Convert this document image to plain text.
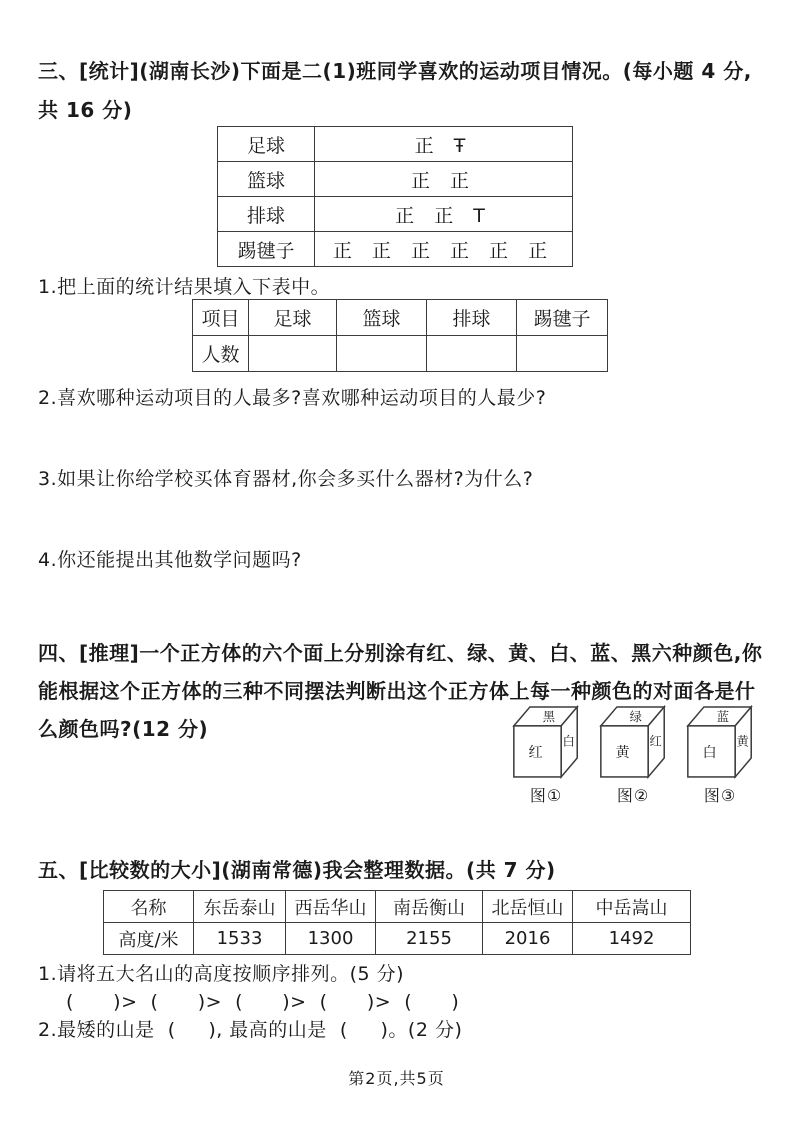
三、[统计](湖南长沙)下面是二(1)班同学喜欢的运动项目情况。(每小题 4 分,共 16 分)
足球	正 Ŧ
篮球	正 正
排球	正 正 T
踢毽子	正 正 正 正 正 正
1.把上面的统计结果填入下表中。
项目	足球	篮球	排球	踢毽子
人数				
2.喜欢哪种运动项目的人最多?喜欢哪种运动项目的人最少?
3.如果让你给学校买体育器材,你会多买什么器材?为什么?
4.你还能提出其他数学问题吗?
四、[推理]一个正方体的六个面上分别涂有红、绿、黄、白、蓝、黑六种颜色,你能根据这个正方体的三种不同摆法判断出这个正方体上每一种颜色的对面各是什么颜色吗?(12 分)	黑
红
白
图①
绿
黄
红
图②
蓝
白
黄
图③
五、[比较数的大小](湖南常德)我会整理数据。(共 7 分)
名称	东岳泰山	西岳华山	南岳衡山	北岳恒山	中岳嵩山
高度/米	1533	1300	2155	2016	1492
1.请将五大名山的高度按顺序排列。(5 分)
(      )>  (      )>  (      )>  (      )>  (      )
2.最矮的山是  (     ), 最高的山是  (     )。(2 分)
第2页,共5页
